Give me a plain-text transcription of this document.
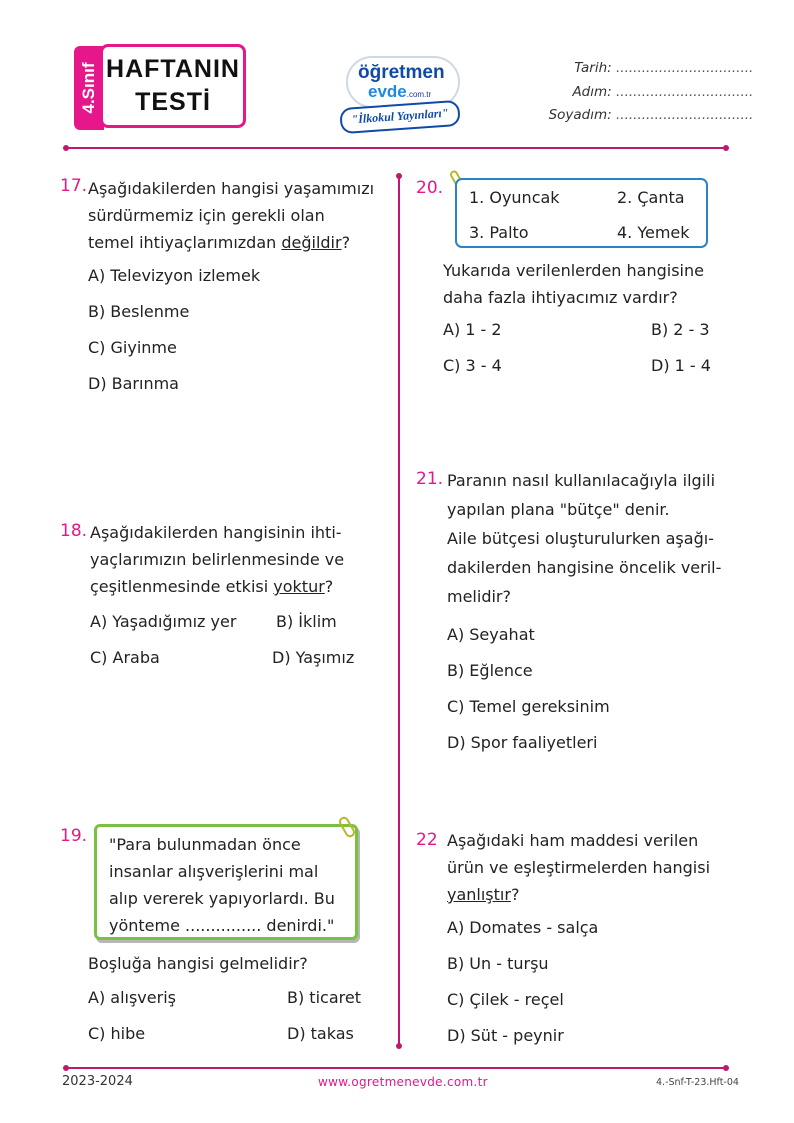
4.Sınıf HAFTANIN
TESTİ
öğretmen
evde.com.tr
"İlkokul Yayınları"
Tarih: ................................
Adım: ................................
Soyadım: ................................
17. Aşağıdakilerden hangisi yaşamımızı
sürdürmemiz için gerekli olan
temel ihtiyaçlarımızdan değildir?
A) Televizyon izlemek
B) Beslenme
C) Giyinme
D) Barınma
18. Aşağıdakilerden hangisinin ihti-
yaçlarımızın belirlenmesinde ve
çeşitlenmesinde etkisi yoktur?
A) Yaşadığımız yer B) İklim
C) Araba	D) Yaşımız
19. "Para bulunmadan önce
insanlar alışverişlerini mal
alıp vererek yapıyorlardı. Bu
yönteme ............... denirdi."
Boşluğa hangisi gelmelidir?
A) alışveriş	B) ticaret
C) hibe	D) takas
20. 1. Oyuncak	2. Çanta
3. Palto	4. Yemek
Yukarıda verilenlerden hangisine
daha fazla ihtiyacımız vardır?
A) 1 - 2	B) 2 - 3
C) 3 - 4	D) 1 - 4
21. Paranın nasıl kullanılacağıyla ilgili
yapılan plana "bütçe" denir.
Aile bütçesi oluşturulurken aşağı-
dakilerden hangisine öncelik veril-
melidir?
A) Seyahat
B) Eğlence
C) Temel gereksinim
D) Spor faaliyetleri
22 Aşağıdaki ham maddesi verilen
ürün ve eşleştirmelerden hangisi
yanlıştır?
A) Domates - salça
B) Un - turşu
C) Çilek - reçel
D) Süt - peynir
2023-2024	www.ogretmenevde.com.tr	4.-Snf-T-23.Hft-04
